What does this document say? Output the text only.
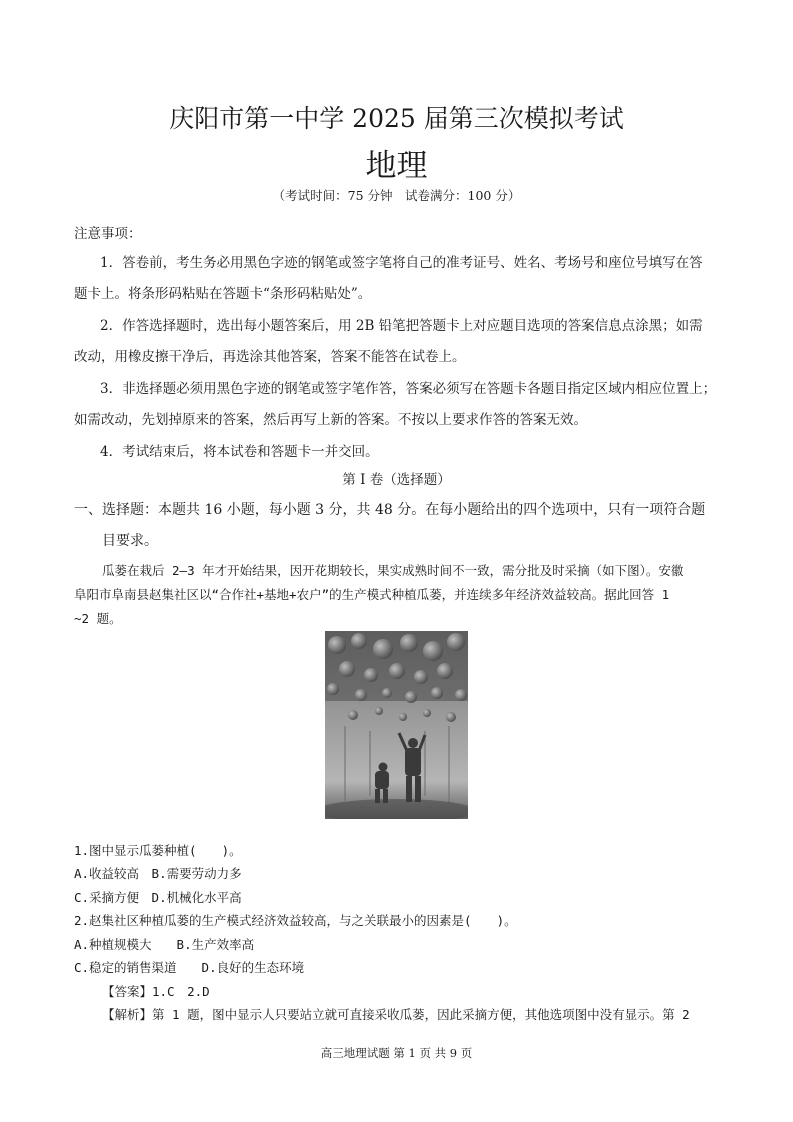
庆阳市第一中学 2025 届第三次模拟考试
地理
（考试时间：75 分钟　试卷满分：100 分）
注意事项：
1．答卷前，考生务必用黑色字迹的钢笔或签字笔将自己的准考证号、姓名、考场号和座位号填写在答
题卡上。将条形码粘贴在答题卡“条形码粘贴处”。
2．作答选择题时，选出每小题答案后，用 2B 铅笔把答题卡上对应题目选项的答案信息点涂黑；如需
改动，用橡皮擦干净后，再选涂其他答案，答案不能答在试卷上。
3．非选择题必须用黑色字迹的钢笔或签字笔作答，答案必须写在答题卡各题目指定区域内相应位置上；
如需改动，先划掉原来的答案，然后再写上新的答案。不按以上要求作答的答案无效。
4．考试结束后，将本试卷和答题卡一并交回。
第 I 卷（选择题）
一、选择题：本题共 16 小题，每小题 3 分，共 48 分。在每小题给出的四个选项中，只有一项符合题
目要求。
瓜蒌在栽后 2—3 年才开始结果，因开花期较长，果实成熟时间不一致，需分批及时采摘（如下图）。安徽
阜阳市阜南县赵集社区以“合作社+基地+农户”的生产模式种植瓜蒌，并连续多年经济效益较高。据此回答 1
~2 题。
1.图中显示瓜蒌种植(　　)。
A.收益较高　B.需要劳动力多
C.采摘方便　D.机械化水平高
2.赵集社区种植瓜蒌的生产模式经济效益较高，与之关联最小的因素是(　　)。
A.种植规模大　　B.生产效率高
C.稳定的销售渠道　　D.良好的生态环境
【答案】1.C　2.D
【解析】第 1 题，图中显示人只要站立就可直接采收瓜蒌，因此采摘方便，其他选项图中没有显示。第 2
高三地理试题 第 1 页 共 9 页
